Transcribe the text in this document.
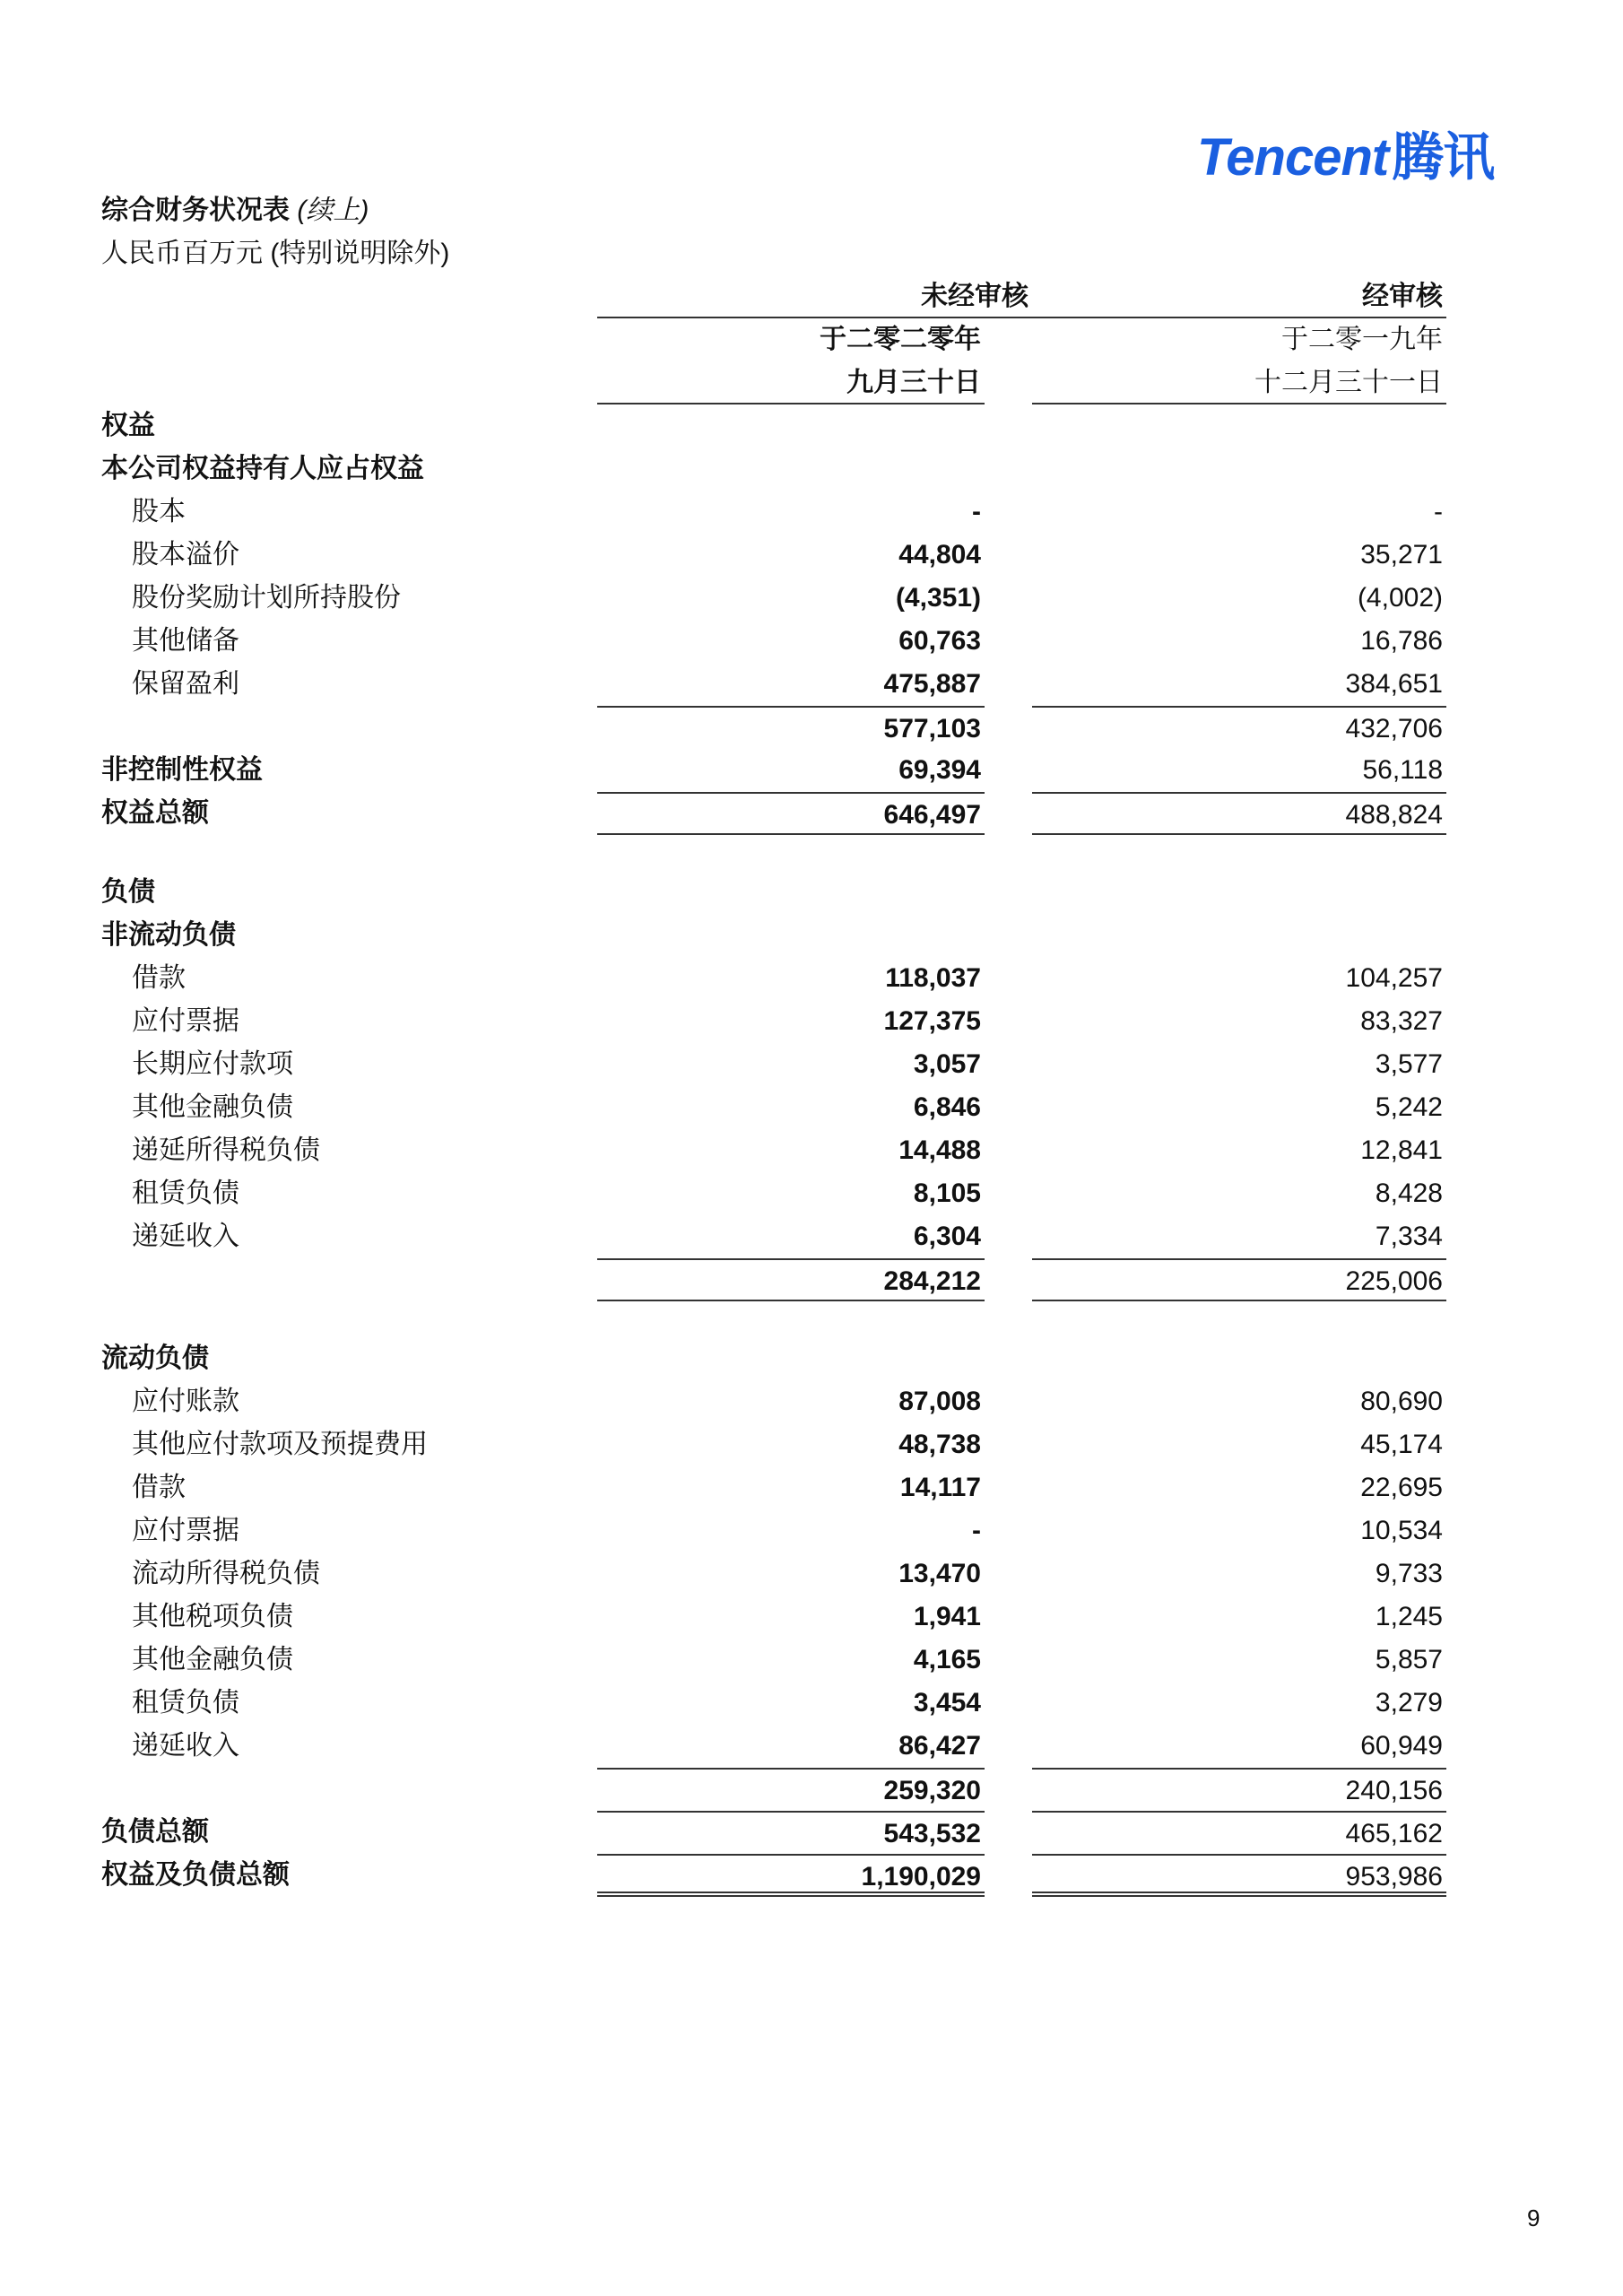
Tencent腾讯
综合财务状况表 (续上)
人民币百万元 (特别说明除外)
未经审核	经审核
于二零二零年	于二零一九年
九月三十日	十二月三十一日
权益
本公司权益持有人应占权益
股本	-	-
股本溢价	44,804	35,271
股份奖励计划所持股份	(4,351)	(4,002)
其他储备	60,763	16,786
保留盈利	475,887	384,651
577,103	432,706
非控制性权益	69,394	56,118
权益总额	646,497	488,824
负债
非流动负债
借款	118,037	104,257
应付票据	127,375	83,327
长期应付款项	3,057	3,577
其他金融负债	6,846	5,242
递延所得税负债	14,488	12,841
租赁负债	8,105	8,428
递延收入	6,304	7,334
284,212	225,006
流动负债
应付账款	87,008	80,690
其他应付款项及预提费用	48,738	45,174
借款	14,117	22,695
应付票据	-	10,534
流动所得税负债	13,470	9,733
其他税项负债	1,941	1,245
其他金融负债	4,165	5,857
租赁负债	3,454	3,279
递延收入	86,427	60,949
259,320	240,156
负债总额	543,532	465,162
权益及负债总额	1,190,029	953,986
9
